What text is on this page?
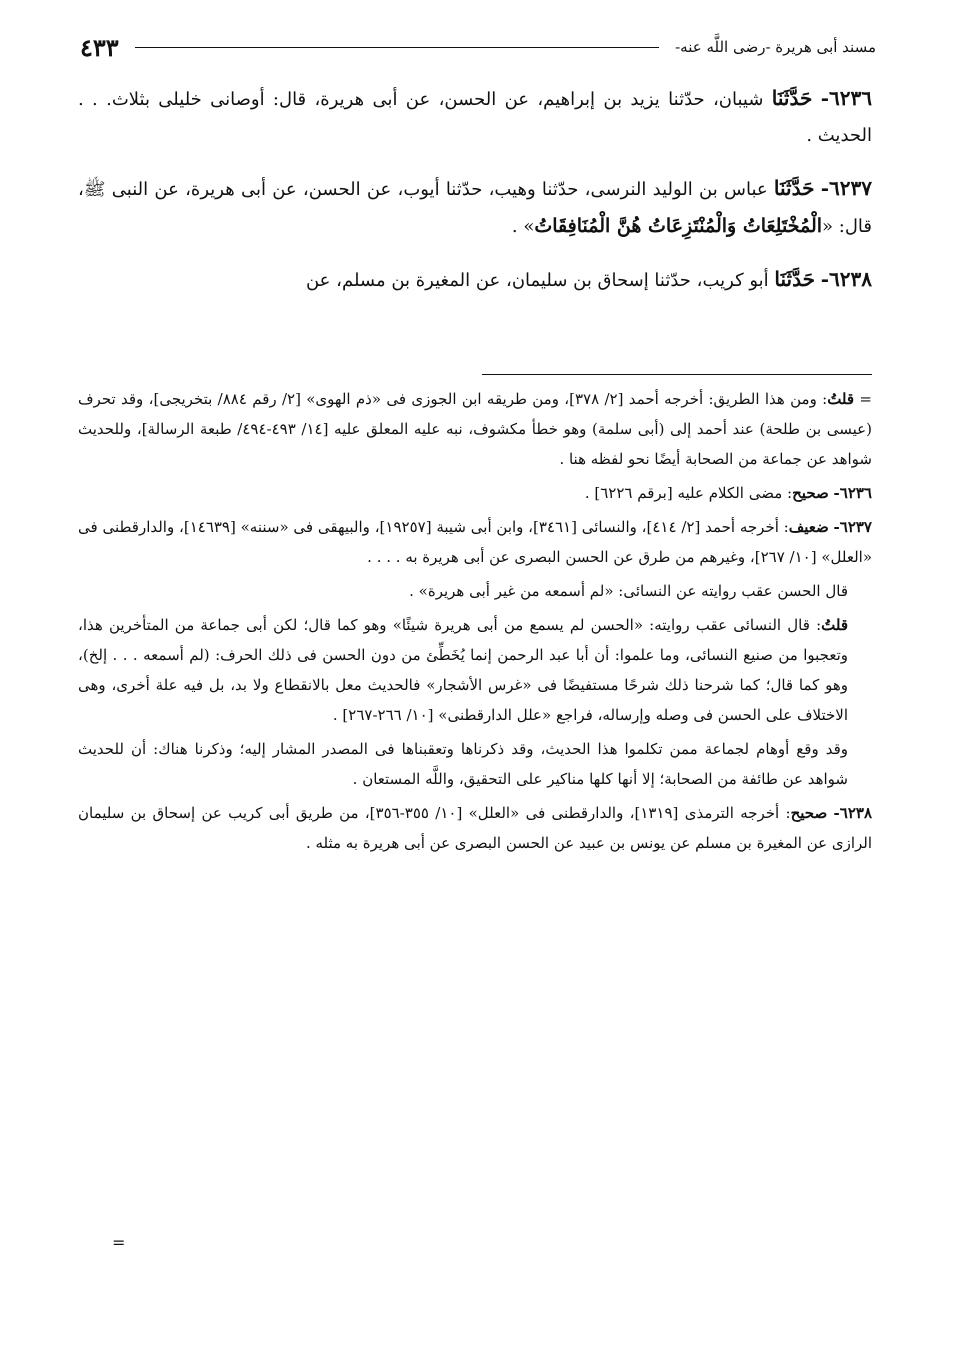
مسند أبى هريرة -رضى اللَّه عنه-
٤٣٣

٦٢٣٦- حَدَّثَنَا شيبان، حدّثنا يزيد بن إبراهيم، عن الحسن، عن أبى هريرة، قال: أوصانى خليلى بثلاث. . . الحديث .

٦٢٣٧- حَدَّثَنَا عباس بن الوليد النرسى، حدّثنا وهيب، حدّثنا أيوب، عن الحسن، عن أبى هريرة، عن النبى ﷺ، قال: «الْمُخْتَلِعَاتُ وَالْمُنْتَزِعَاتُ هُنَّ الْمُنَافِقَاتُ» .

٦٢٣٨- حَدَّثَنَا أبو كريب، حدّثنا إسحاق بن سليمان، عن المغيرة بن مسلم، عن

= قلتُ: ومن هذا الطريق: أخرجه أحمد [٢/ ٣٧٨]، ومن طريقه ابن الجوزى فى «ذم الهوى» [٢/ رقم ٨٨٤/ بتخريجى]، وقد تحرف (عيسى بن طلحة) عند أحمد إلى (أبى سلمة) وهو خطأ مكشوف، نبه عليه المعلق عليه [١٤/ ٤٩٣-٤٩٤/ طبعة الرسالة]، وللحديث شواهد عن جماعة من الصحابة أيضًا نحو لفظه هنا .

٦٢٣٦- صحيح: مضى الكلام عليه [برقم ٦٢٢٦] .

٦٢٣٧- ضعيف: أخرجه أحمد [٢/ ٤١٤]، والنسائى [٣٤٦١]، وابن أبى شيبة [١٩٢٥٧]، والبيهقى فى «سننه» [١٤٦٣٩]، والدارقطنى فى «العلل» [١٠/ ٢٦٧]، وغيرهم من طرق عن الحسن البصرى عن أبى هريرة به . . . .

قال الحسن عقب روايته عن النسائى: «لم أسمعه من غير أبى هريرة» .

قلتُ: قال النسائى عقب روايته: «الحسن لم يسمع من أبى هريرة شيئًا» وهو كما قال؛ لكن أبى جماعة من المتأخرين هذا، وتعجبوا من صنيع النسائى، وما علموا: أن أبا عبد الرحمن إنما يُخَطِّئ من دون الحسن فى ذلك الحرف: (لم أسمعه . . . إلخ)، وهو كما قال؛ كما شرحنا ذلك شرحًا مستفيضًا فى «غرس الأشجار» فالحديث معل بالانقطاع ولا بد، بل فيه علة أخرى، وهى الاختلاف على الحسن فى وصله وإرساله، فراجع «علل الدارقطنى» [١٠/ ٢٦٦-٢٦٧] .

وقد وقع أوهام لجماعة ممن تكلموا هذا الحديث، وقد ذكرناها وتعقبناها فى المصدر المشار إليه؛ وذكرنا هناك: أن للحديث شواهد عن طائفة من الصحابة؛ إلا أنها كلها مناكير على التحقيق، واللَّه المستعان .

٦٢٣٨- صحيح: أخرجه الترمذى [١٣١٩]، والدارقطنى فى «العلل» [١٠/ ٣٥٥-٣٥٦]، من طريق أبى كريب عن إسحاق بن سليمان الرازى عن المغيرة بن مسلم عن يونس بن عبيد عن الحسن البصرى عن أبى هريرة به مثله .

=
